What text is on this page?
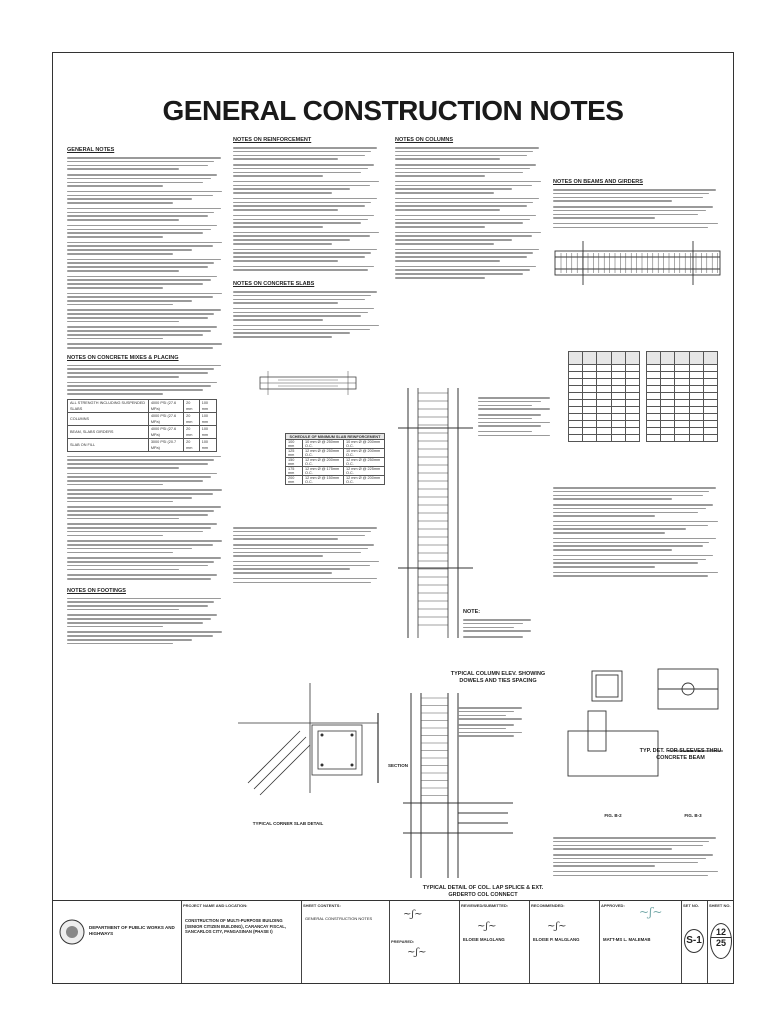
GENERAL CONSTRUCTION NOTES
GENERAL NOTES
NOTES ON CONCRETE MIXES & PLACING
ALL STRENGTH INCLUDING SUSPENDED SLABS	4000 PSI (27.6 MPa)	20 mm	100 mm
COLUMNS	4000 PSI (27.6 MPa)	20 mm	100 mm
BEAM, SLABS GIRDERS	4000 PSI (27.6 MPa)	20 mm	100 mm
SLAB ON FILL	3000 PSI (20.7 MPa)	20 mm	100 mm
NOTES ON FOOTINGS
NOTES ON REINFORCEMENT
NOTES ON CONCRETE SLABS
SCHEDULE OF MINIMUM SLAB REINFORCEMENT		
100 mm	10 mm Ø @ 250mm O.C.	10 mm Ø @ 200mm O.C.
125 mm	12 mm Ø @ 250mm O.C.	10 mm Ø @ 200mm O.C.
150 mm	12 mm Ø @ 200mm O.C.	12 mm Ø @ 250mm O.C.
175 mm	12 mm Ø @ 175mm O.C.	12 mm Ø @ 225mm O.C.
200 mm	12 mm Ø @ 150mm O.C.	12 mm Ø @ 200mm O.C.
TYPICAL CORNER SLAB DETAIL
SECTION
NOTES ON COLUMNS
NOTE:
TYPICAL COLUMN ELEV. SHOWING DOWELS AND TIES SPACING
TYPICAL DETAIL OF COL. LAP SPLICE & EXT. GRDERTO COL CONNECT
NOTES ON BEAMS AND GIRDERS

FIG. B-2	FIG. B-3
TYP. DET. FOR SLEEVES THRU CONCRETE BEAM
DEPARTMENT OF PUBLIC WORKS AND HIGHWAYS
PROJECT NAME AND LOCATION:
CONSTRUCTION OF MULTI-PURPOSE BUILDING (SENIOR CITIZEN BUILDING), CARANCAY FISCAL, SANCARLOS CITY, PANGASINAN (PHASE I)
SHEET CONTENTS:
GENERAL CONSTRUCTION NOTES
PREPARED:
~ʃ~
~ʃ~
REVIEWED/SUBMITTED:
~ʃ~
ELOISE MALGLANG
RECOMMENDED:
~ʃ~
ELOISE P. MALGLANG
APPROVED:	~ʃ~
MATT-MS L. MALEMAB
SET NO.
S-1
SHEET NO.
12
25
